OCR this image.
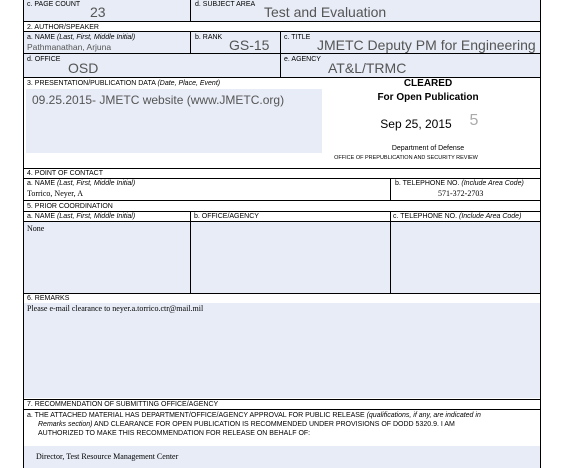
c. PAGE COUNT 23	d. SUBJECT AREA Test and Evaluation
2. AUTHOR/SPEAKER
a. NAME (Last, First, Middle Initial)
Pathmanathan, Arjuna
b. RANK GS-15 c. TITLE JMETC Deputy PM for Engineering
d. OFFICE
OSD
e. AGENCY
AT&L/TRMC
3. PRESENTATION/PUBLICATION DATA (Date, Place, Event)
09.25.2015- JMETC website (www.JMETC.org)
CLEARED
For Open Publication
Sep 25, 2015	5
Department of Defense
OFFICE OF PREPUBLICATION AND SECURITY REVIEW
4. POINT OF CONTACT
a. NAME (Last, First, Middle Initial)	b. TELEPHONE NO. (Include Area Code)
Torrico, Neyer, A	571-372-2703
5. PRIOR COORDINATION
a. NAME (Last, First, Middle Initial)	b. OFFICE/AGENCY	c. TELEPHONE NO. (Include Area Code)
None
6. REMARKS
Please e-mail clearance to neyer.a.torrico.ctr@mail.mil
7. RECOMMENDATION OF SUBMITTING OFFICE/AGENCY
a. THE ATTACHED MATERIAL HAS DEPARTMENT/OFFICE/AGENCY APPROVAL FOR PUBLIC RELEASE (qualifications, if any, are indicated in
Remarks section) AND CLEARANCE FOR OPEN PUBLICATION IS RECOMMENDED UNDER PROVISIONS OF DODD 5320.9. I AM
AUTHORIZED TO MAKE THIS RECOMMENDATION FOR RELEASE ON BEHALF OF:
Director, Test Resource Management Center
